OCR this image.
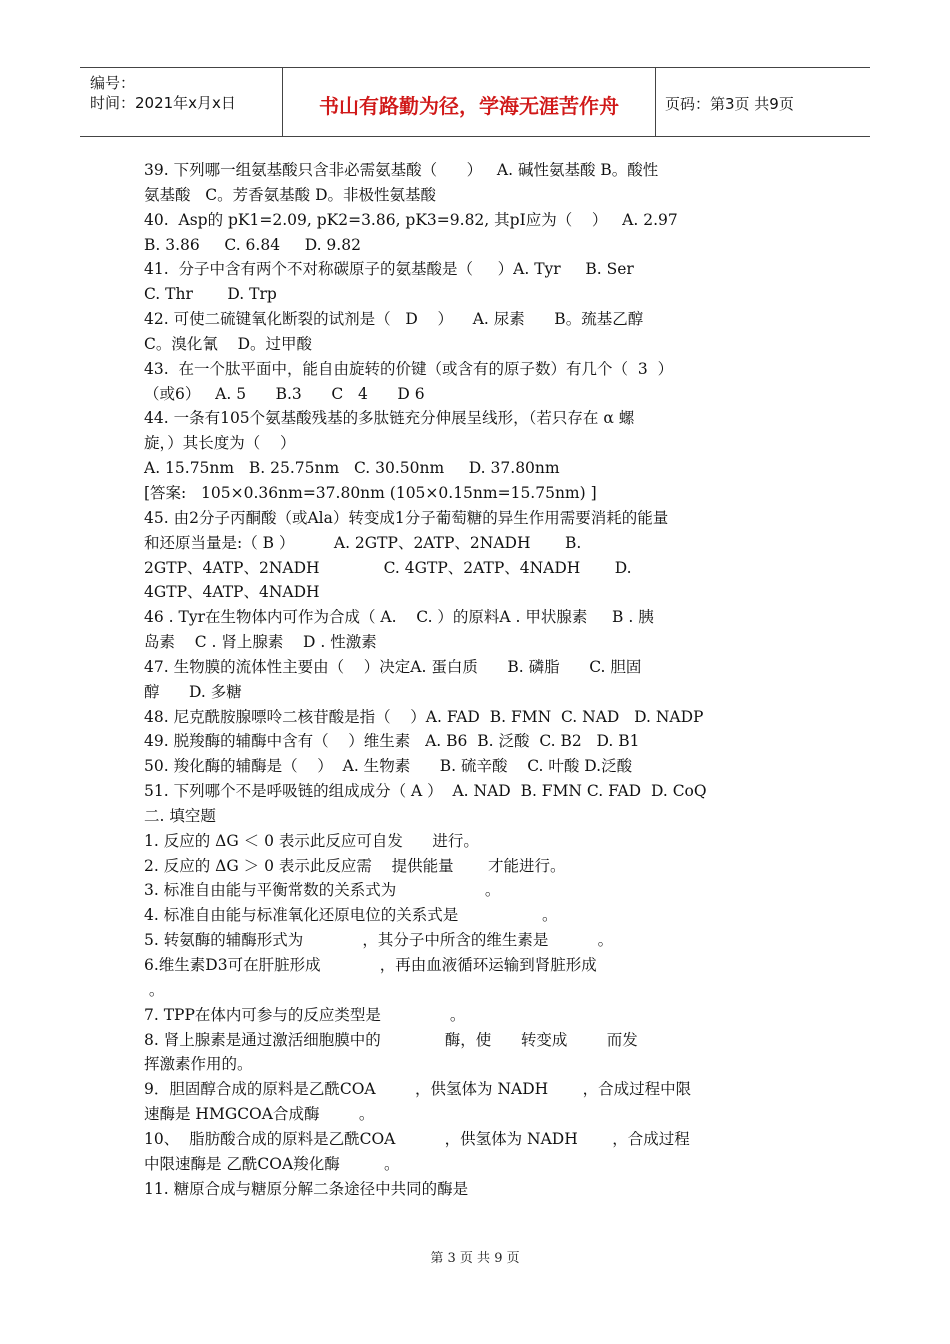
编号：
时间：2021年x月x日	书山有路勤为径，学海无涯苦作舟	页码：第3页 共9页
39. 下列哪一组氨基酸只含非必需氨基酸（      ）   A. 碱性氨基酸 B。酸性
氨基酸   C。芳香氨基酸 D。非极性氨基酸
40.  Asp的 pK1=2.09, pK2=3.86, pK3=9.82, 其pI应为（    ）   A. 2.97
B. 3.86     C. 6.84     D. 9.82
41.  分子中含有两个不对称碳原子的氨基酸是（     ）A. Tyr     B. Ser
C. Thr       D. Trp
42. 可使二硫键氧化断裂的试剂是（   D    ）    A. 尿素      B。巯基乙醇
C。溴化氰    D。过甲酸
43.  在一个肽平面中，能自由旋转的价键（或含有的原子数）有几个（  3  ）
（或6）   A. 5      B.3      C   4      D 6
44. 一条有105个氨基酸残基的多肽链充分伸展呈线形，（若只存在 α 螺
旋，）其长度为（    ）
A. 15.75nm   B. 25.75nm   C. 30.50nm     D. 37.80nm
[答案:   105×0.36nm=37.80nm (105×0.15nm=15.75nm) ]
45. 由2分子丙酮酸（或Ala）转变成1分子葡萄糖的异生作用需要消耗的能量
和还原当量是:（ B ）        A. 2GTP、2ATP、2NADH       B.
2GTP、4ATP、2NADH             C. 4GTP、2ATP、4NADH       D.
4GTP、4ATP、4NADH
46 . Tyr在生物体内可作为合成（ A.    C. ）的原料A . 甲状腺素     B . 胰
岛素    C . 肾上腺素    D . 性激素
47. 生物膜的流体性主要由（    ）决定A. 蛋白质      B. 磷脂      C. 胆固
醇      D. 多糖
48. 尼克酰胺腺嘌呤二核苷酸是指（    ）A. FAD  B. FMN  C. NAD   D. NADP
49. 脱羧酶的辅酶中含有（    ）维生素   A. B6  B. 泛酸  C. B2   D. B1
50. 羧化酶的辅酶是（    ）  A. 生物素      B. 硫辛酸    C. 叶酸 D.泛酸
51. 下列哪个不是呼吸链的组成成分（ A ）  A. NAD  B. FMN C. FAD  D. CoQ
二. 填空题
1. 反应的 ΔG ＜ 0 表示此反应可自发      进行。
2. 反应的 ΔG ＞ 0 表示此反应需    提供能量       才能进行。
3. 标准自由能与平衡常数的关系式为                  。
4. 标准自由能与标准氧化还原电位的关系式是                 。
5. 转氨酶的辅酶形式为            ，其分子中所含的维生素是          。
6.维生素D3可在肝脏形成            ，再由血液循环运输到肾脏形成
。
7. TPP在体内可参与的反应类型是              。
8. 肾上腺素是通过激活细胞膜中的             酶，使      转变成        而发
挥激素作用的。
9．胆固醇合成的原料是乙酰COA        ，供氢体为 NADH       ，合成过程中限
速酶是 HMGCOA合成酶        。
10、  脂肪酸合成的原料是乙酰COA          ，供氢体为 NADH       ，合成过程
中限速酶是 乙酰COA羧化酶         。
11. 糖原合成与糖原分解二条途径中共同的酶是
第 3 页 共 9 页
